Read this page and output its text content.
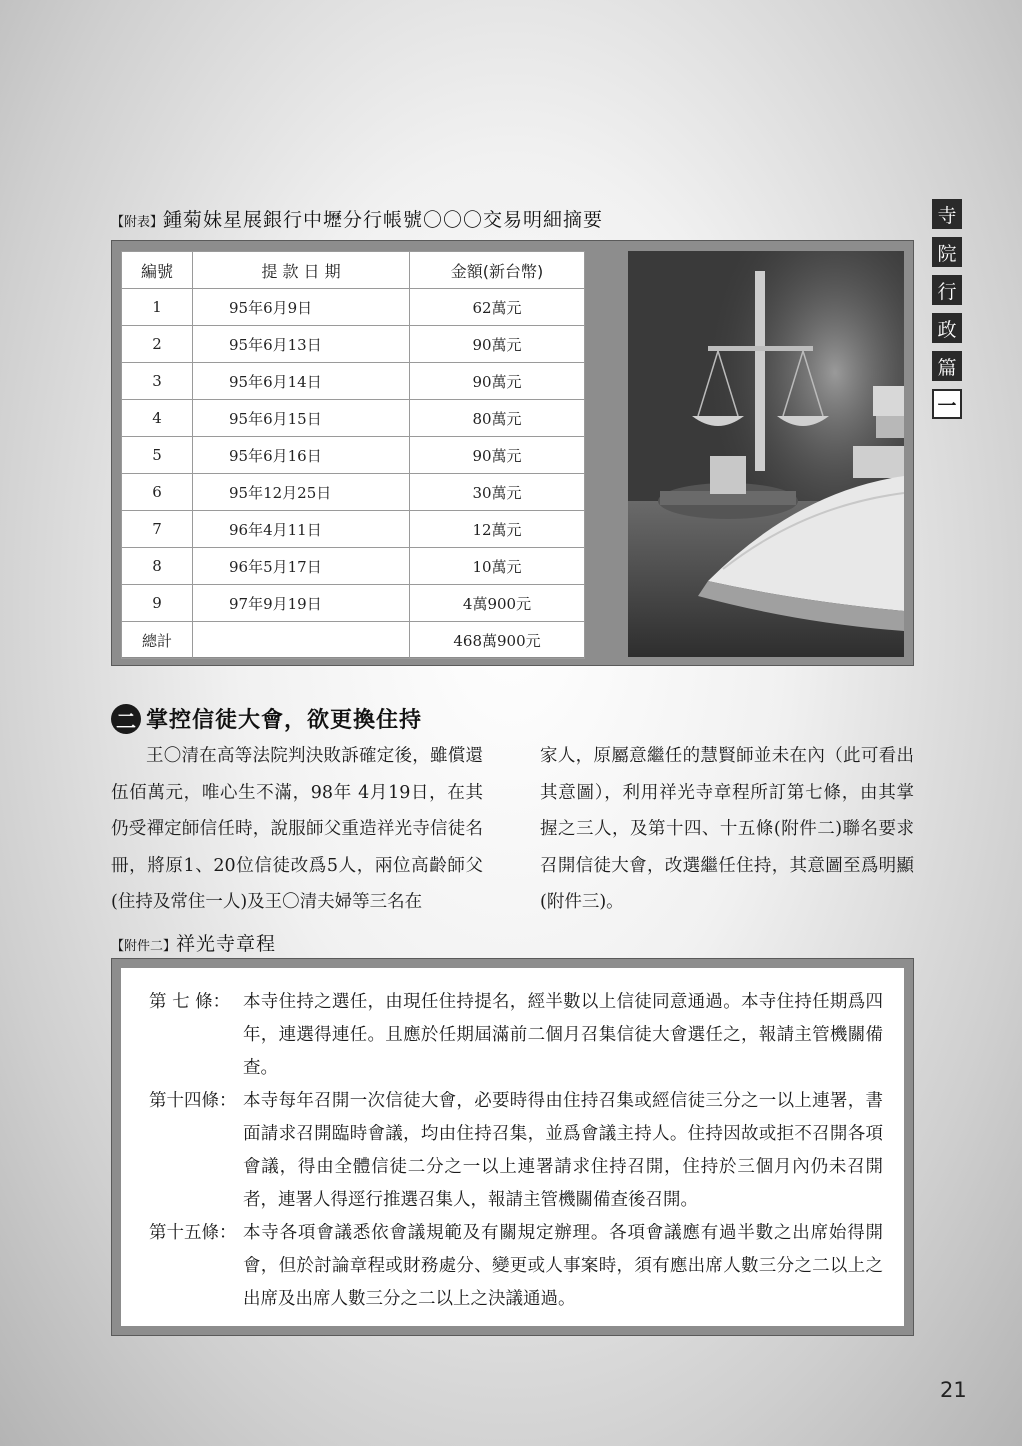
寺
院
行
政
篇
一
【附表】鍾菊妹星展銀行中壢分行帳號〇〇〇交易明細摘要
編號	提 款 日 期	金額(新台幣)
1	95年6月9日	62萬元
2	95年6月13日	90萬元
3	95年6月14日	90萬元
4	95年6月15日	80萬元
5	95年6月16日	90萬元
6	95年12月25日	30萬元
7	96年4月11日	12萬元
8	96年5月17日	10萬元
9	97年9月19日	4萬900元
總計		468萬900元
二 掌控信徒大會，欲更換住持

王〇清在高等法院判決敗訴確定後，雖償還伍佰萬元，唯心生不滿，98年 4月19日，在其仍受禪定師信任時，說服師父重造祥光寺信徒名冊，將原1、20位信徒改爲5人，兩位高齡師父(住持及常住一人)及王〇清夫婦等三名在

家人，原屬意繼任的慧賢師並未在內（此可看出其意圖），利用祥光寺章程所訂第七條，由其掌握之三人，及第十四、十五條(附件二)聯名要求召開信徒大會，改選繼任住持，其意圖至爲明顯(附件三)。

【附件二】祥光寺章程
第 七 條： 本寺住持之選任，由現任住持提名，經半數以上信徒同意通過。本寺住持任期爲四年，連選得連任。且應於任期屆滿前二個月召集信徒大會選任之，報請主管機關備查。
第十四條： 本寺每年召開一次信徒大會，必要時得由住持召集或經信徒三分之一以上連署，書面請求召開臨時會議，均由住持召集，並爲會議主持人。住持因故或拒不召開各項會議，得由全體信徒二分之一以上連署請求住持召開，住持於三個月內仍未召開者，連署人得逕行推選召集人，報請主管機關備查後召開。
第十五條： 本寺各項會議悉依會議規範及有關規定辦理。各項會議應有過半數之出席始得開會，但於討論章程或財務處分、變更或人事案時，須有應出席人數三分之二以上之出席及出席人數三分之二以上之決議通過。
21
